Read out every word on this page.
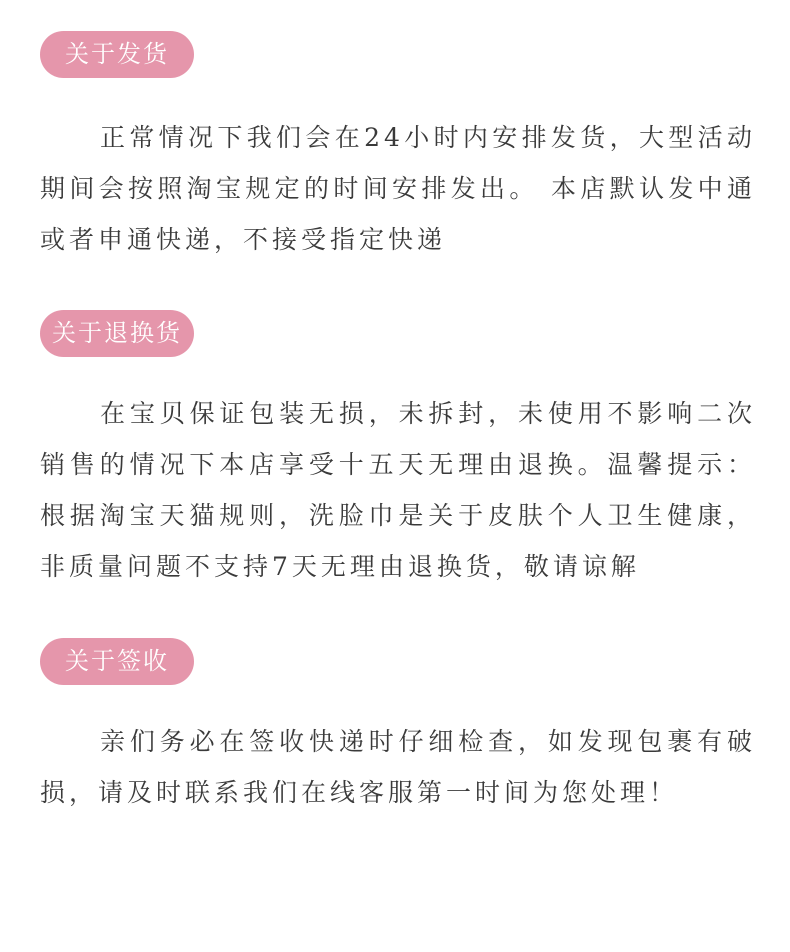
关于发货
正常情况下我们会在24小时内安排发货，大型活动期间会按照淘宝规定的时间安排发出。 本店默认发中通或者申通快递，不接受指定快递
关于退换货
在宝贝保证包装无损，未拆封，未使用不影响二次销售的情况下本店享受十五天无理由退换。温馨提示：根据淘宝天猫规则，洗脸巾是关于皮肤个人卫生健康，非质量问题不支持7天无理由退换货，敬请谅解
关于签收
亲们务必在签收快递时仔细检查，如发现包裹有破损，请及时联系我们在线客服第一时间为您处理！
